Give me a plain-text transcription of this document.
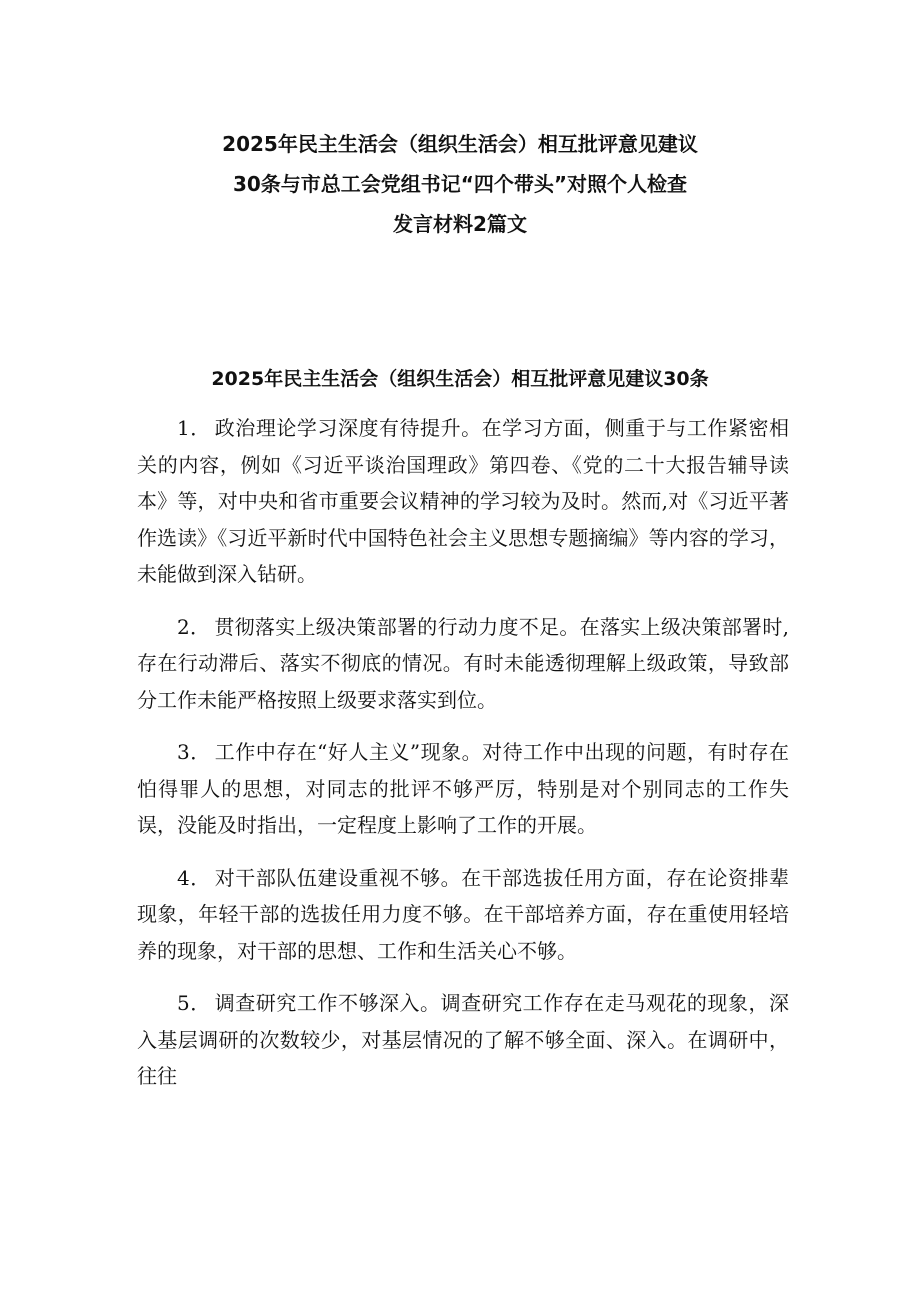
2025年民主生活会（组织生活会）相互批评意见建议
30条与市总工会党组书记“四个带头”对照个人检查
发言材料2篇文
2025年民主生活会（组织生活会）相互批评意见建议30条

1． 政治理论学习深度有待提升。在学习方面，侧重于与工作紧密相关的内容，例如《习近平谈治国理政》第四卷、《党的二十大报告辅导读本》等，对中央和省市重要会议精神的学习较为及时。然而,对《习近平著作选读》《习近平新时代中国特色社会主义思想专题摘编》等内容的学习，未能做到深入钻研。

2． 贯彻落实上级决策部署的行动力度不足。在落实上级决策部署时,存在行动滞后、落实不彻底的情况。有时未能透彻理解上级政策，导致部分工作未能严格按照上级要求落实到位。

3． 工作中存在“好人主义”现象。对待工作中出现的问题，有时存在怕得罪人的思想，对同志的批评不够严厉，特别是对个别同志的工作失误，没能及时指出，一定程度上影响了工作的开展。

4． 对干部队伍建设重视不够。在干部选拔任用方面，存在论资排辈现象，年轻干部的选拔任用力度不够。在干部培养方面，存在重使用轻培养的现象，对干部的思想、工作和生活关心不够。

5． 调查研究工作不够深入。调查研究工作存在走马观花的现象，深入基层调研的次数较少，对基层情况的了解不够全面、深入。在调研中，往往
